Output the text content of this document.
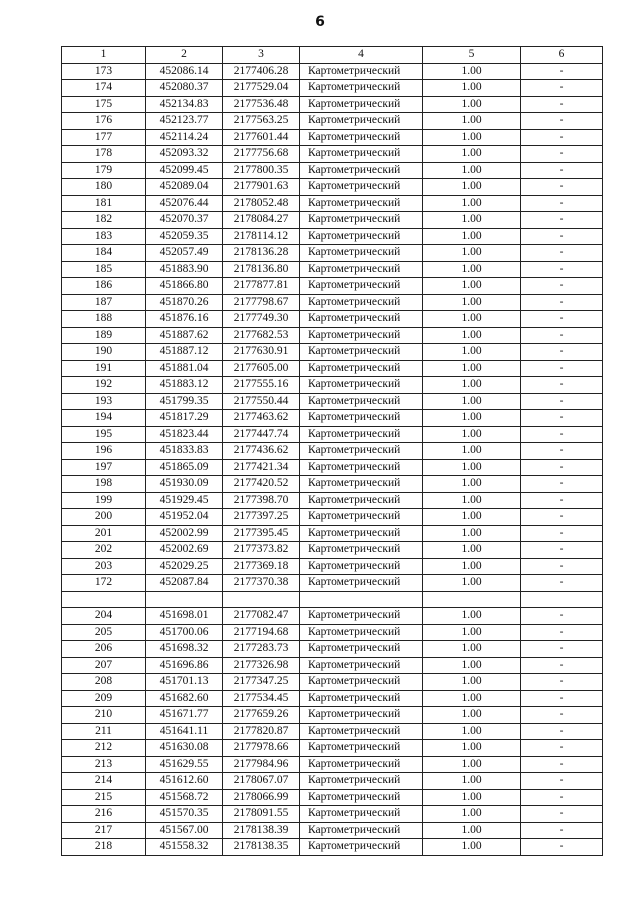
6
1	2	3	4	5	6
173	452086.14	2177406.28	Картометрический	1.00	-
174	452080.37	2177529.04	Картометрический	1.00	-
175	452134.83	2177536.48	Картометрический	1.00	-
176	452123.77	2177563.25	Картометрический	1.00	-
177	452114.24	2177601.44	Картометрический	1.00	-
178	452093.32	2177756.68	Картометрический	1.00	-
179	452099.45	2177800.35	Картометрический	1.00	-
180	452089.04	2177901.63	Картометрический	1.00	-
181	452076.44	2178052.48	Картометрический	1.00	-
182	452070.37	2178084.27	Картометрический	1.00	-
183	452059.35	2178114.12	Картометрический	1.00	-
184	452057.49	2178136.28	Картометрический	1.00	-
185	451883.90	2178136.80	Картометрический	1.00	-
186	451866.80	2177877.81	Картометрический	1.00	-
187	451870.26	2177798.67	Картометрический	1.00	-
188	451876.16	2177749.30	Картометрический	1.00	-
189	451887.62	2177682.53	Картометрический	1.00	-
190	451887.12	2177630.91	Картометрический	1.00	-
191	451881.04	2177605.00	Картометрический	1.00	-
192	451883.12	2177555.16	Картометрический	1.00	-
193	451799.35	2177550.44	Картометрический	1.00	-
194	451817.29	2177463.62	Картометрический	1.00	-
195	451823.44	2177447.74	Картометрический	1.00	-
196	451833.83	2177436.62	Картометрический	1.00	-
197	451865.09	2177421.34	Картометрический	1.00	-
198	451930.09	2177420.52	Картометрический	1.00	-
199	451929.45	2177398.70	Картометрический	1.00	-
200	451952.04	2177397.25	Картометрический	1.00	-
201	452002.99	2177395.45	Картометрический	1.00	-
202	452002.69	2177373.82	Картометрический	1.00	-
203	452029.25	2177369.18	Картометрический	1.00	-
172	452087.84	2177370.38	Картометрический	1.00	-

204	451698.01	2177082.47	Картометрический	1.00	-
205	451700.06	2177194.68	Картометрический	1.00	-
206	451698.32	2177283.73	Картометрический	1.00	-
207	451696.86	2177326.98	Картометрический	1.00	-
208	451701.13	2177347.25	Картометрический	1.00	-
209	451682.60	2177534.45	Картометрический	1.00	-
210	451671.77	2177659.26	Картометрический	1.00	-
211	451641.11	2177820.87	Картометрический	1.00	-
212	451630.08	2177978.66	Картометрический	1.00	-
213	451629.55	2177984.96	Картометрический	1.00	-
214	451612.60	2178067.07	Картометрический	1.00	-
215	451568.72	2178066.99	Картометрический	1.00	-
216	451570.35	2178091.55	Картометрический	1.00	-
217	451567.00	2178138.39	Картометрический	1.00	-
218	451558.32	2178138.35	Картометрический	1.00	-
